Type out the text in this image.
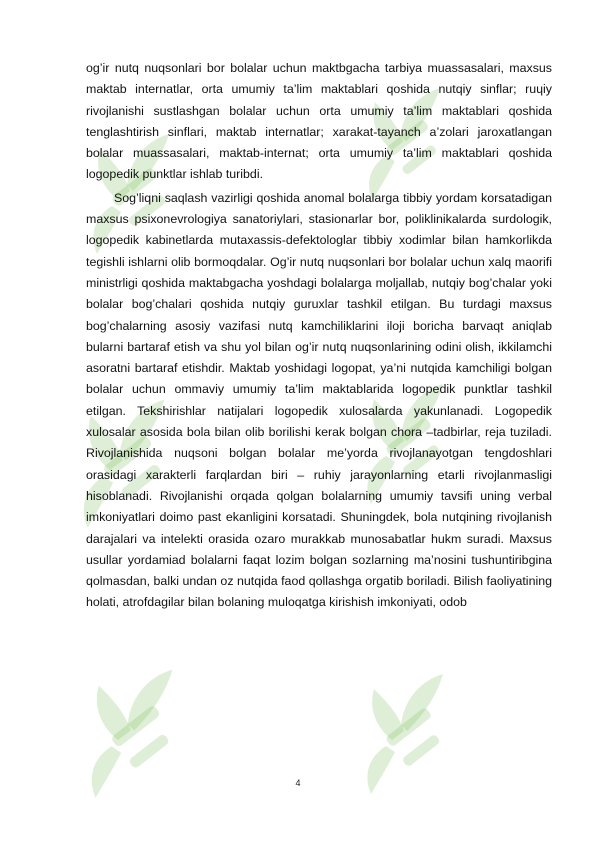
og’ir nutq nuqsonlari bor bolalar uchun maktbgacha tarbiya muassasalari, maxsus maktab internatlar, orta umumiy ta’lim maktablari qoshida nutqiy sinflar; ruɥiy rivojlanishi sustlashgan bolalar uchun orta umumiy ta’lim maktablari qoshida tenglashtirish sinflari, maktab internatlar; xarakat-tayanch a’zolari jaroxatlangan bolalar muassasalari, maktab-internat; orta umumiy ta’lim maktablari qoshida logopedik punktlar ishlab turibdi.

Sog’liqni saqlash vazirligi qoshida anomal bolalarga tibbiy yordam korsatadigan maxsus psixonevrologiya sanatoriylari, stasionarlar bor, poliklinikalarda surdologik, logopedik kabinetlarda mutaxassis-defektologlar tibbiy xodimlar bilan hamkorlikda tegishli ishlarni olib bormoqdalar. Og’ir nutq nuqsonlari bor bolalar uchun xalq maorifi ministrligi qoshida maktabgacha yoshdagi bolalarga moljallab, nutqiy bog’chalar yoki bolalar bog’chalari qoshida nutqiy guruxlar tashkil etilgan. Bu turdagi maxsus bog’chalarning asosiy vazifasi nutq kamchiliklarini iloji boricha barvaqt aniqlab bularni bartaraf etish va shu yol bilan og’ir nutq nuqsonlarining odini olish, ikkilamchi asoratni bartaraf etishdir. Maktab yoshidagi logopat, ya’ni nutqida kamchiligi bolgan bolalar uchun ommaviy umumiy ta’lim maktablarida logopedik punktlar tashkil etilgan. Tekshirishlar natijalari logopedik xulosalarda yakunlanadi. Logopedik xulosalar asosida bola bilan olib borilishi kerak bolgan chora –tadbirlar, reja tuziladi. Rivojlanishida nuqsoni bolgan bolalar me’yorda rivojlanayotgan tengdoshlari orasidagi xarakterli farqlardan biri – ruhiy jarayonlarning etarli rivojlanmasligi hisoblanadi. Rivojlanishi orqada qolgan bolalarning umumiy tavsifi uning verbal imkoniyatlari doimo past ekanligini korsatadi. Shuningdek, bola nutqining rivojlanish darajalari va intelekti orasida ozaro murakkab munosabatlar hukm suradi. Maxsus usullar yordamiad bolalarni faqat lozim bolgan sozlarning ma’nosini tushuntiribgina qolmasdan, balki undan oz nutqida faod qollashga orgatib boriladi. Bilish faoliyatining holati, atrofdagilar bilan bolaning muloqatga kirishish imkoniyati, odob

4
